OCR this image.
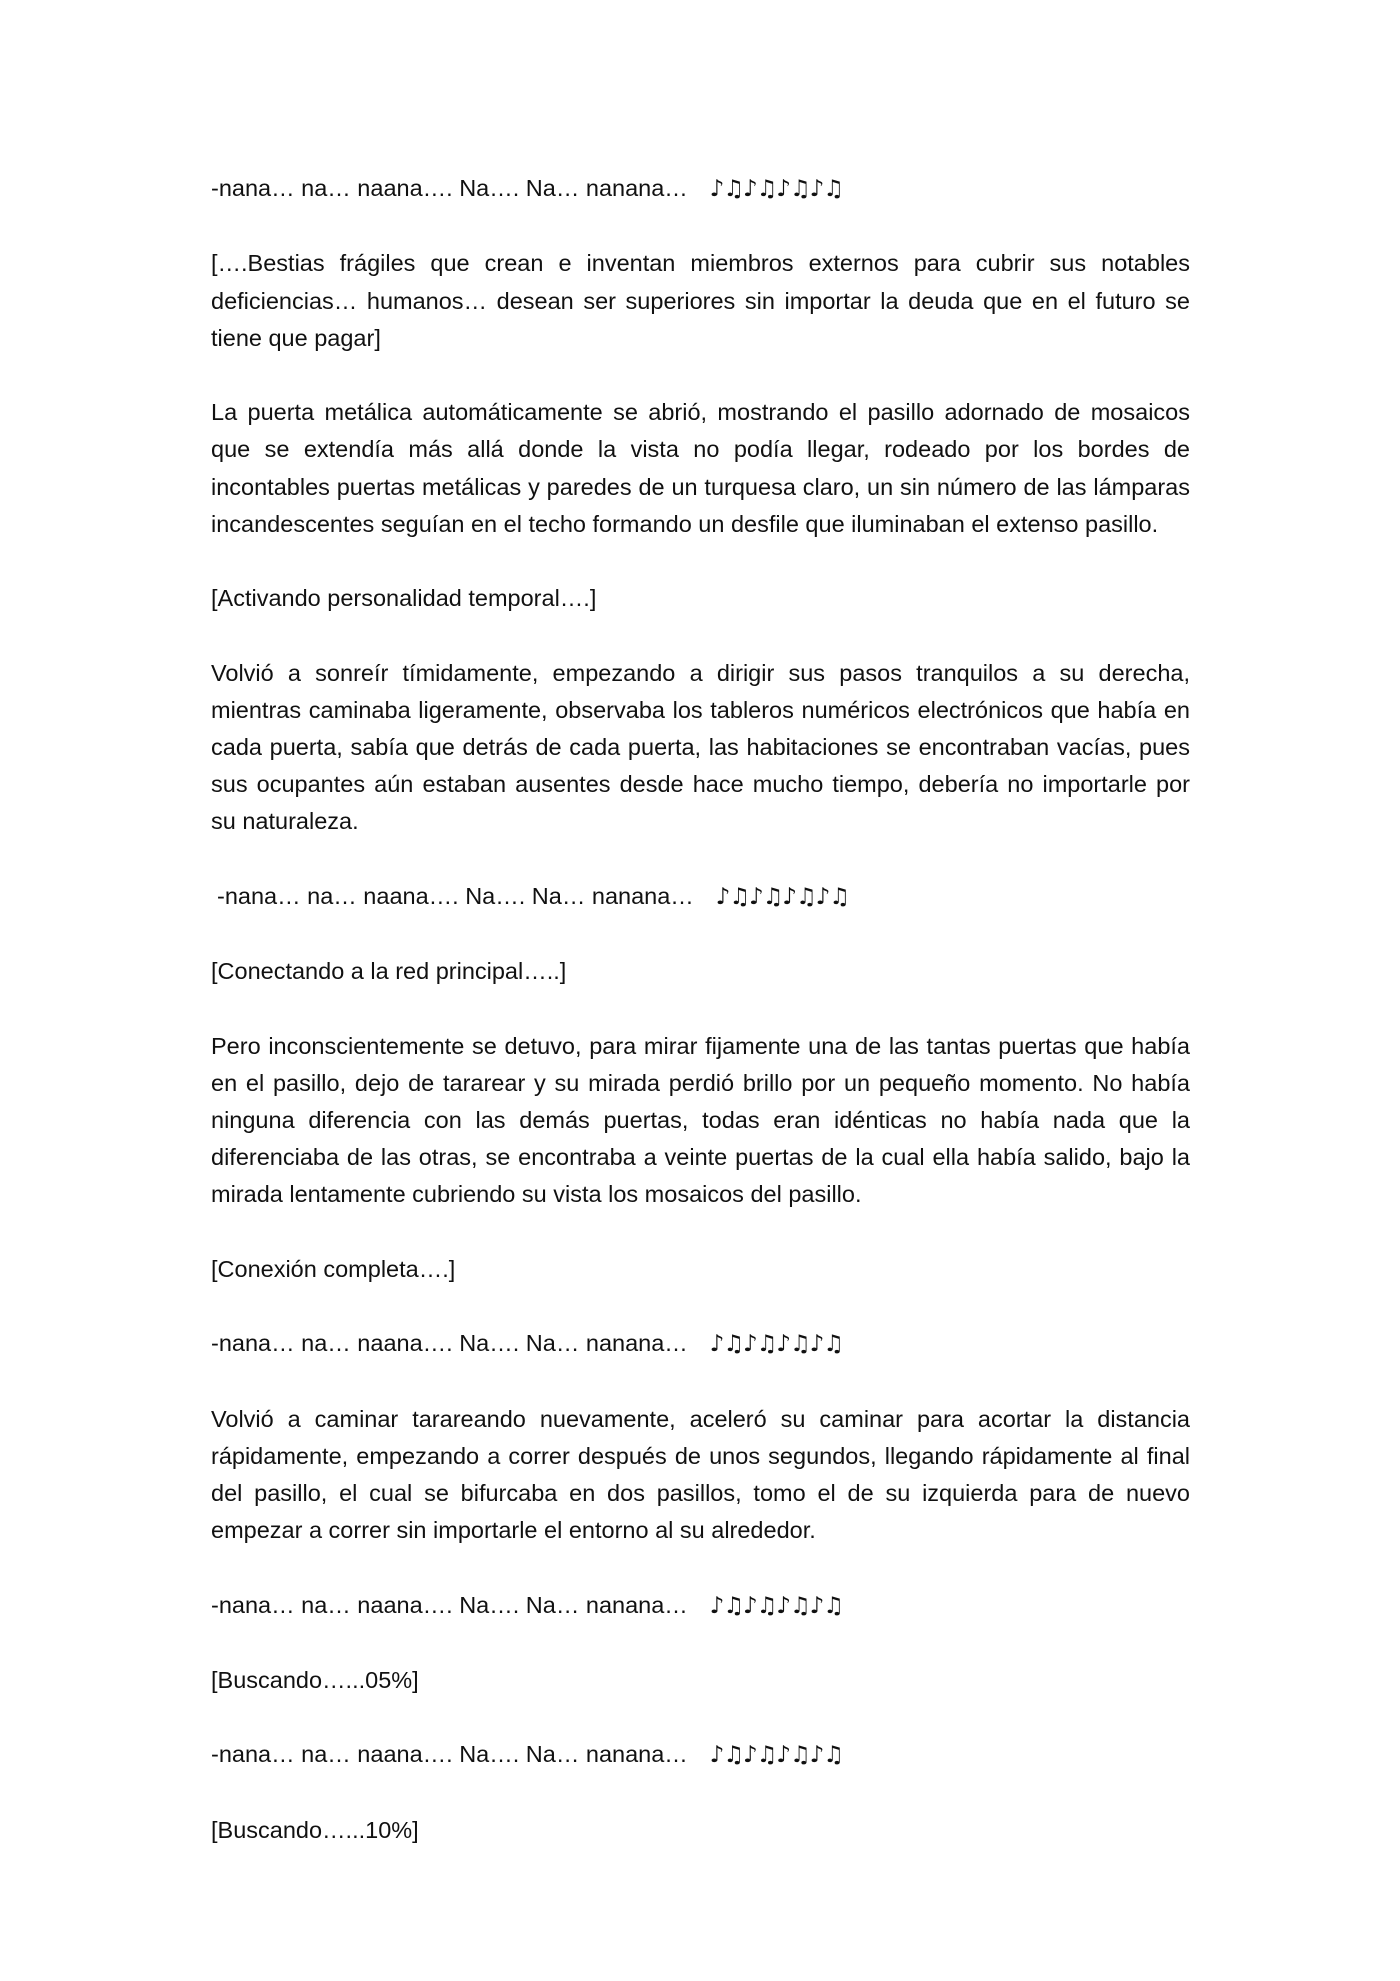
-nana… na… naana…. Na…. Na… nanana… ♪♫♪♫♪♫♪♫
[….Bestias frágiles que crean e inventan miembros externos para cubrir sus notables deficiencias… humanos… desean ser superiores sin importar la deuda que en el futuro se tiene que pagar]
La puerta metálica automáticamente se abrió, mostrando el pasillo adornado de mosaicos que se extendía más allá donde la vista no podía llegar, rodeado por los bordes de incontables puertas metálicas y paredes de un turquesa claro, un sin número de las lámparas incandescentes seguían en el techo formando un desfile que iluminaban el extenso pasillo.
[Activando personalidad temporal….]
Volvió a sonreír tímidamente, empezando a dirigir sus pasos tranquilos a su derecha, mientras caminaba ligeramente, observaba los tableros numéricos electrónicos que había en cada puerta, sabía que detrás de cada puerta, las habitaciones se encontraban vacías, pues sus ocupantes aún estaban ausentes desde hace mucho tiempo, debería no importarle por su naturaleza.
-nana… na… naana…. Na…. Na… nanana… ♪♫♪♫♪♫♪♫
[Conectando a la red principal…..]
Pero inconscientemente se detuvo, para mirar fijamente una de las tantas puertas que había en el pasillo, dejo de tararear y su mirada perdió brillo por un pequeño momento. No había ninguna diferencia con las demás puertas, todas eran idénticas no había nada que la diferenciaba de las otras, se encontraba a veinte puertas de la cual ella había salido, bajo la mirada lentamente cubriendo su vista los mosaicos del pasillo.
[Conexión completa….]
-nana… na… naana…. Na…. Na… nanana… ♪♫♪♫♪♫♪♫
Volvió a caminar tarareando nuevamente, aceleró su caminar para acortar la distancia rápidamente, empezando a correr después de unos segundos, llegando rápidamente al final del pasillo, el cual se bifurcaba en dos pasillos, tomo el de su izquierda para de nuevo empezar a correr sin importarle el entorno al su alrededor.
-nana… na… naana…. Na…. Na… nanana… ♪♫♪♫♪♫♪♫
[Buscando…...05%]
-nana… na… naana…. Na…. Na… nanana… ♪♫♪♫♪♫♪♫
[Buscando…...10%]
